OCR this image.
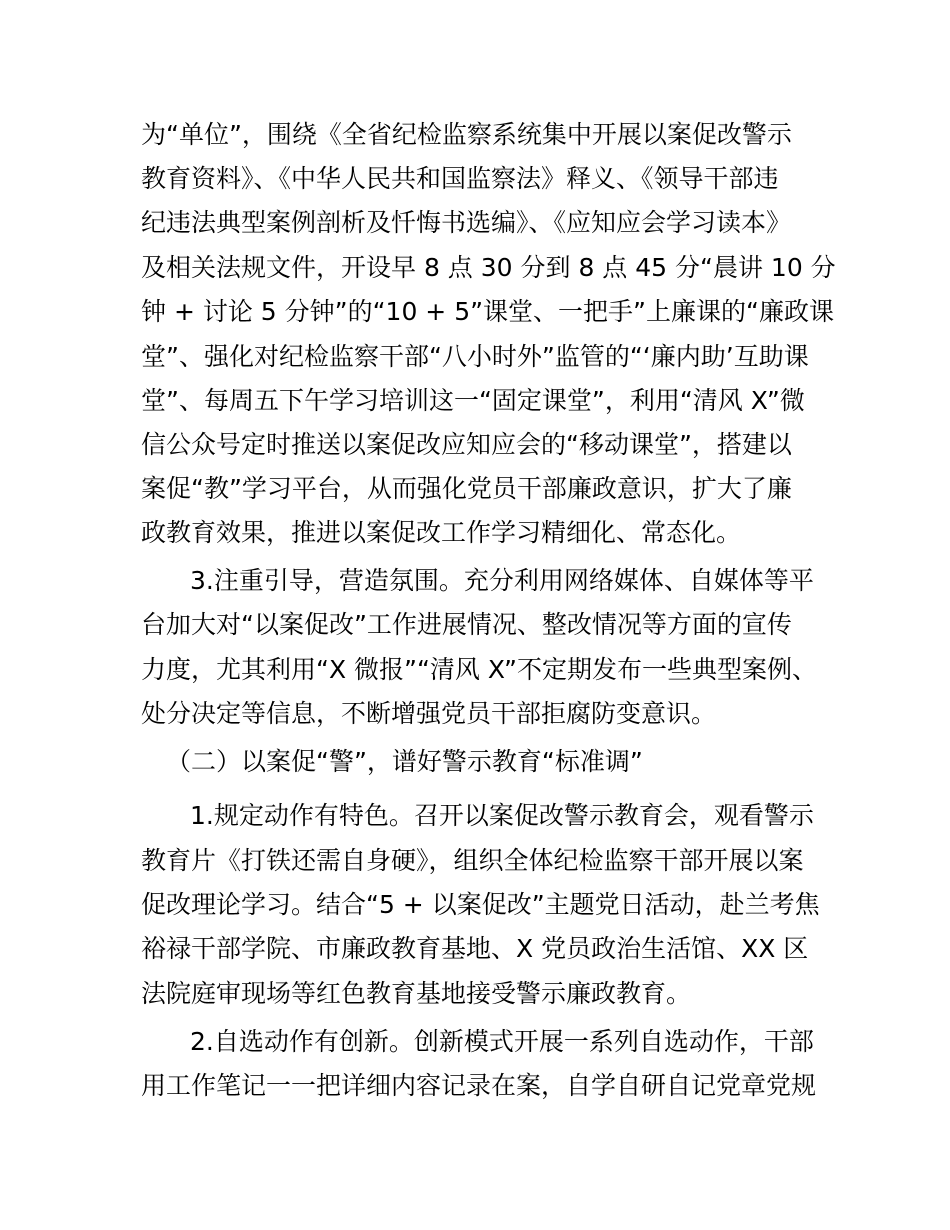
为“单位”，围绕《全省纪检监察系统集中开展以案促改警示
教育资料》、《中华人民共和国监察法》释义、《领导干部违
纪违法典型案例剖析及忏悔书选编》、《应知应会学习读本》
及相关法规文件，开设早 8 点 30 分到 8 点 45 分“晨讲 10 分
钟 + 讨论 5 分钟”的“10 + 5”课堂、一把手”上廉课的“廉政课
堂”、强化对纪检监察干部“八小时外”监管的“‘廉内助’互助课
堂”、每周五下午学习培训这一“固定课堂”，利用“清风 X”微
信公众号定时推送以案促改应知应会的“移动课堂”，搭建以
案促“教”学习平台，从而强化党员干部廉政意识，扩大了廉
政教育效果，推进以案促改工作学习精细化、常态化。
3.注重引导，营造氛围。充分利用网络媒体、自媒体等平
台加大对“以案促改”工作进展情况、整改情况等方面的宣传
力度，尤其利用“X 微报”“清风 X”不定期发布一些典型案例、
处分决定等信息，不断增强党员干部拒腐防变意识。
（二）以案促“警”，谱好警示教育“标准调”
1.规定动作有特色。召开以案促改警示教育会，观看警示
教育片《打铁还需自身硬》，组织全体纪检监察干部开展以案
促改理论学习。结合“5 + 以案促改”主题党日活动，赴兰考焦
裕禄干部学院、市廉政教育基地、X 党员政治生活馆、XX 区
法院庭审现场等红色教育基地接受警示廉政教育。
2.自选动作有创新。创新模式开展一系列自选动作，干部
用工作笔记一一把详细内容记录在案，自学自研自记党章党规
